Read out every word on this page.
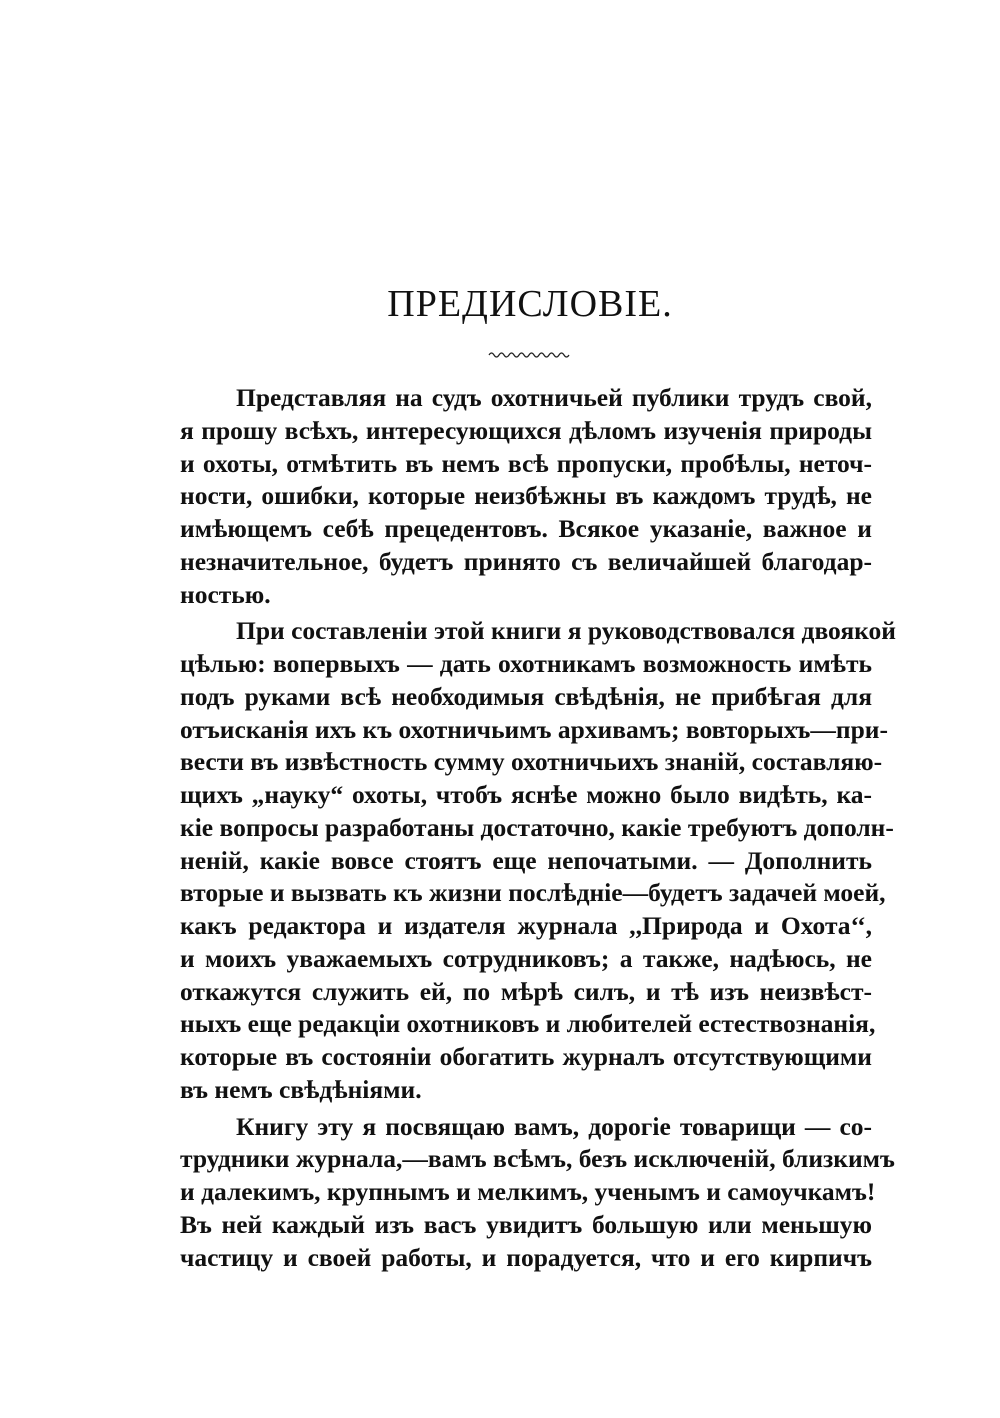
ПРЕДИСЛОВІЕ.
Представляя на судъ охотничьей публики трудъ свой,
я прошу всѣхъ, интересующихся дѣломъ изученія природы
и охоты, отмѣтить въ немъ всѣ пропуски, пробѣлы, неточ-
ности, ошибки, которые неизбѣжны въ каждомъ трудѣ, не
имѣющемъ себѣ прецедентовъ. Всякое указаніе, важное и
незначительное, будетъ принято съ величайшей благодар-
ностью.
При составленіи этой книги я руководствовался двоякой
цѣлью: вопервыхъ — дать охотникамъ возможность имѣть
подъ руками всѣ необходимыя свѣдѣнія, не прибѣгая для
отъисканія ихъ къ охотничьимъ архивамъ; вовторыхъ—при-
вести въ извѣстность сумму охотничьихъ знаній, составляю-
щихъ „науку“ охоты, чтобъ яснѣе можно было видѣть, ка-
кіе вопросы разработаны достаточно, какіе требуютъ дополн-
неній, какіе вовсе стоятъ еще непочатыми. — Дополнить
вторые и вызвать къ жизни послѣдніе—будетъ задачей моей,
какъ редактора и издателя журнала ,,Природа и Охота‘‘,
и моихъ уважаемыхъ сотрудниковъ; а также, надѣюсь, не
откажутся служить ей, по мѣрѣ силъ, и тѣ изъ неизвѣст-
ныхъ еще редакціи охотниковъ и любителей естествознанія,
которые въ состояніи обогатить журналъ отсутствующими
въ немъ свѣдѣніями.
Книгу эту я посвящаю вамъ, дорогіе товарищи — со-
трудники журнала,—вамъ всѣмъ, безъ исключеній, близкимъ
и далекимъ, крупнымъ и мелкимъ, ученымъ и самоучкамъ!
Въ ней каждый изъ васъ увидитъ большую или меньшую
частицу и своей работы, и порадуется, что и его кирпичъ
